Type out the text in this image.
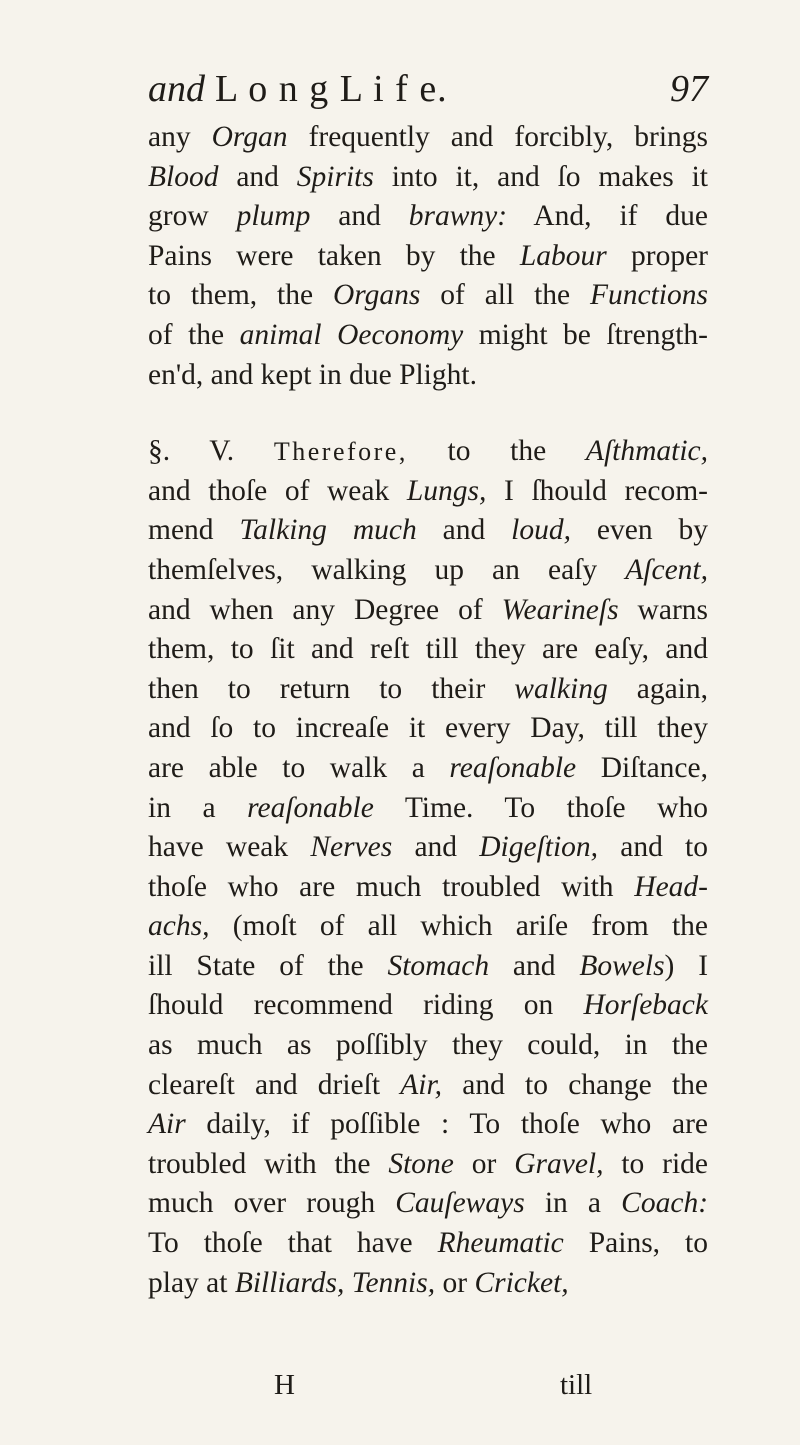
and L o n g L i f e.	97
any Organ frequently and forcibly, brings
Blood and Spirits into it, and ſo makes it
grow plump and brawny: And, if due
Pains were taken by the Labour proper
to them, the Organs of all the Functions
of the animal Oeconomy might be ſtrength-
en'd, and kept in due Plight.
§. V. Therefore, to the Aſthmatic,
and thoſe of weak Lungs, I ſhould recom-
mend Talking much and loud, even by
themſelves, walking up an eaſy Aſcent,
and when any Degree of Wearineſs warns
them, to ſit and reſt till they are eaſy, and
then to return to their walking again,
and ſo to increaſe it every Day, till they
are able to walk a reaſonable Diſtance,
in a reaſonable Time. To thoſe who
have weak Nerves and Digeſtion, and to
thoſe who are much troubled with Head-
achs, (moſt of all which ariſe from the
ill State of the Stomach and Bowels) I
ſhould recommend riding on Horſeback
as much as poſſibly they could, in the
cleareſt and drieſt Air, and to change the
Air daily, if poſſible : To thoſe who are
troubled with the Stone or Gravel, to ride
much over rough Cauſeways in a Coach:
To thoſe that have Rheumatic Pains, to
play at Billiards, Tennis, or Cricket,
H	till
